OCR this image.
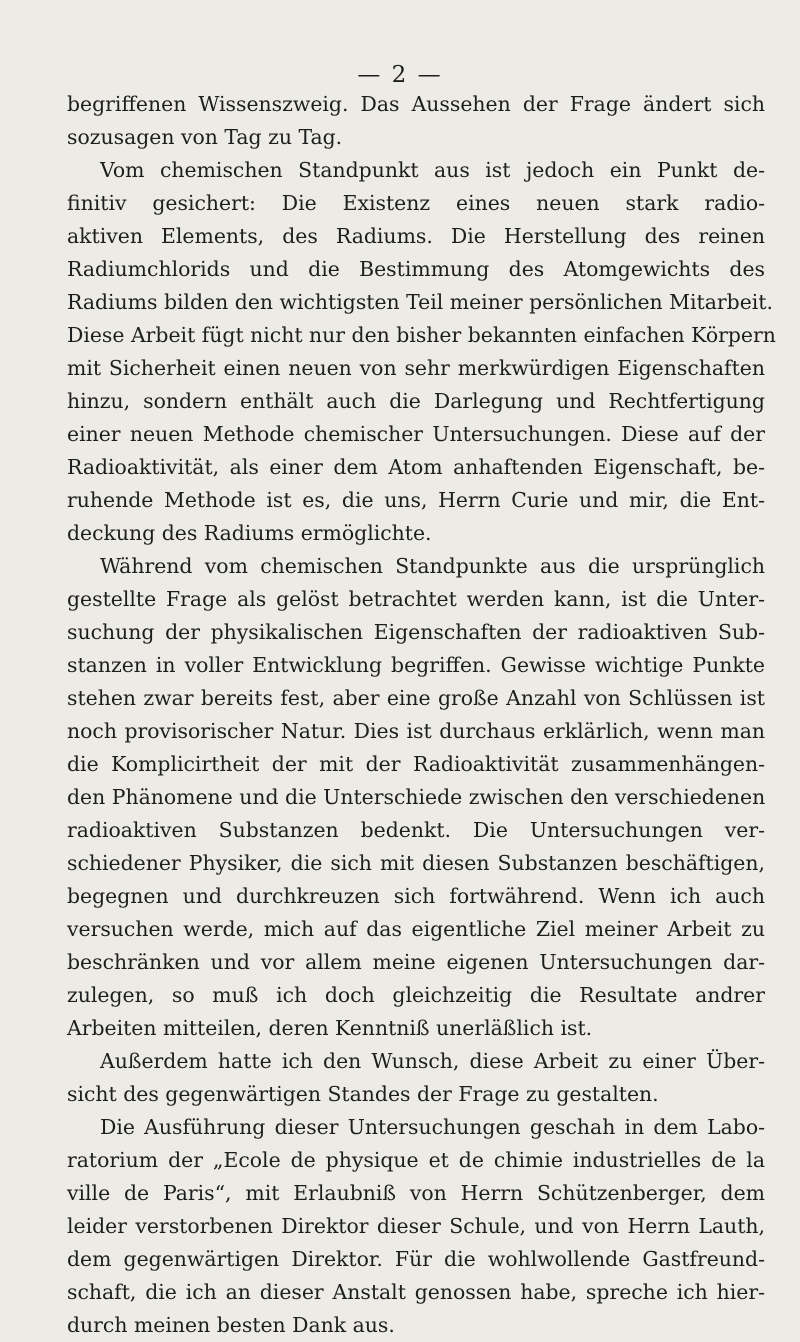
— 2 —
begriffenen Wissenszweig. Das Aussehen der Frage ändert sich
sozusagen von Tag zu Tag.
Vom chemischen Standpunkt aus ist jedoch ein Punkt de-
finitiv gesichert: Die Existenz eines neuen stark radio-
aktiven Elements, des Radiums. Die Herstellung des reinen
Radiumchlorids und die Bestimmung des Atomgewichts des
Radiums bilden den wichtigsten Teil meiner persönlichen Mitarbeit.
Diese Arbeit fügt nicht nur den bisher bekannten einfachen Körpern
mit Sicherheit einen neuen von sehr merkwürdigen Eigenschaften
hinzu, sondern enthält auch die Darlegung und Rechtfertigung
einer neuen Methode chemischer Untersuchungen. Diese auf der
Radioaktivität, als einer dem Atom anhaftenden Eigenschaft, be-
ruhende Methode ist es, die uns, Herrn Curie und mir, die Ent-
deckung des Radiums ermöglichte.
Während vom chemischen Standpunkte aus die ursprünglich
gestellte Frage als gelöst betrachtet werden kann, ist die Unter-
suchung der physikalischen Eigenschaften der radioaktiven Sub-
stanzen in voller Entwicklung begriffen. Gewisse wichtige Punkte
stehen zwar bereits fest, aber eine große Anzahl von Schlüssen ist
noch provisorischer Natur. Dies ist durchaus erklärlich, wenn man
die Komplicirtheit der mit der Radioaktivität zusammenhängen-
den Phänomene und die Unterschiede zwischen den verschiedenen
radioaktiven Substanzen bedenkt. Die Untersuchungen ver-
schiedener Physiker, die sich mit diesen Substanzen beschäftigen,
begegnen und durchkreuzen sich fortwährend. Wenn ich auch
versuchen werde, mich auf das eigentliche Ziel meiner Arbeit zu
beschränken und vor allem meine eigenen Untersuchungen dar-
zulegen, so muß ich doch gleichzeitig die Resultate andrer
Arbeiten mitteilen, deren Kenntniß unerläßlich ist.
Außerdem hatte ich den Wunsch, diese Arbeit zu einer Über-
sicht des gegenwärtigen Standes der Frage zu gestalten.
Die Ausführung dieser Untersuchungen geschah in dem Labo-
ratorium der „Ecole de physique et de chimie industrielles de la
ville de Paris“, mit Erlaubniß von Herrn Schützenberger, dem
leider verstorbenen Direktor dieser Schule, und von Herrn Lauth,
dem gegenwärtigen Direktor. Für die wohlwollende Gastfreund-
schaft, die ich an dieser Anstalt genossen habe, spreche ich hier-
durch meinen besten Dank aus.
